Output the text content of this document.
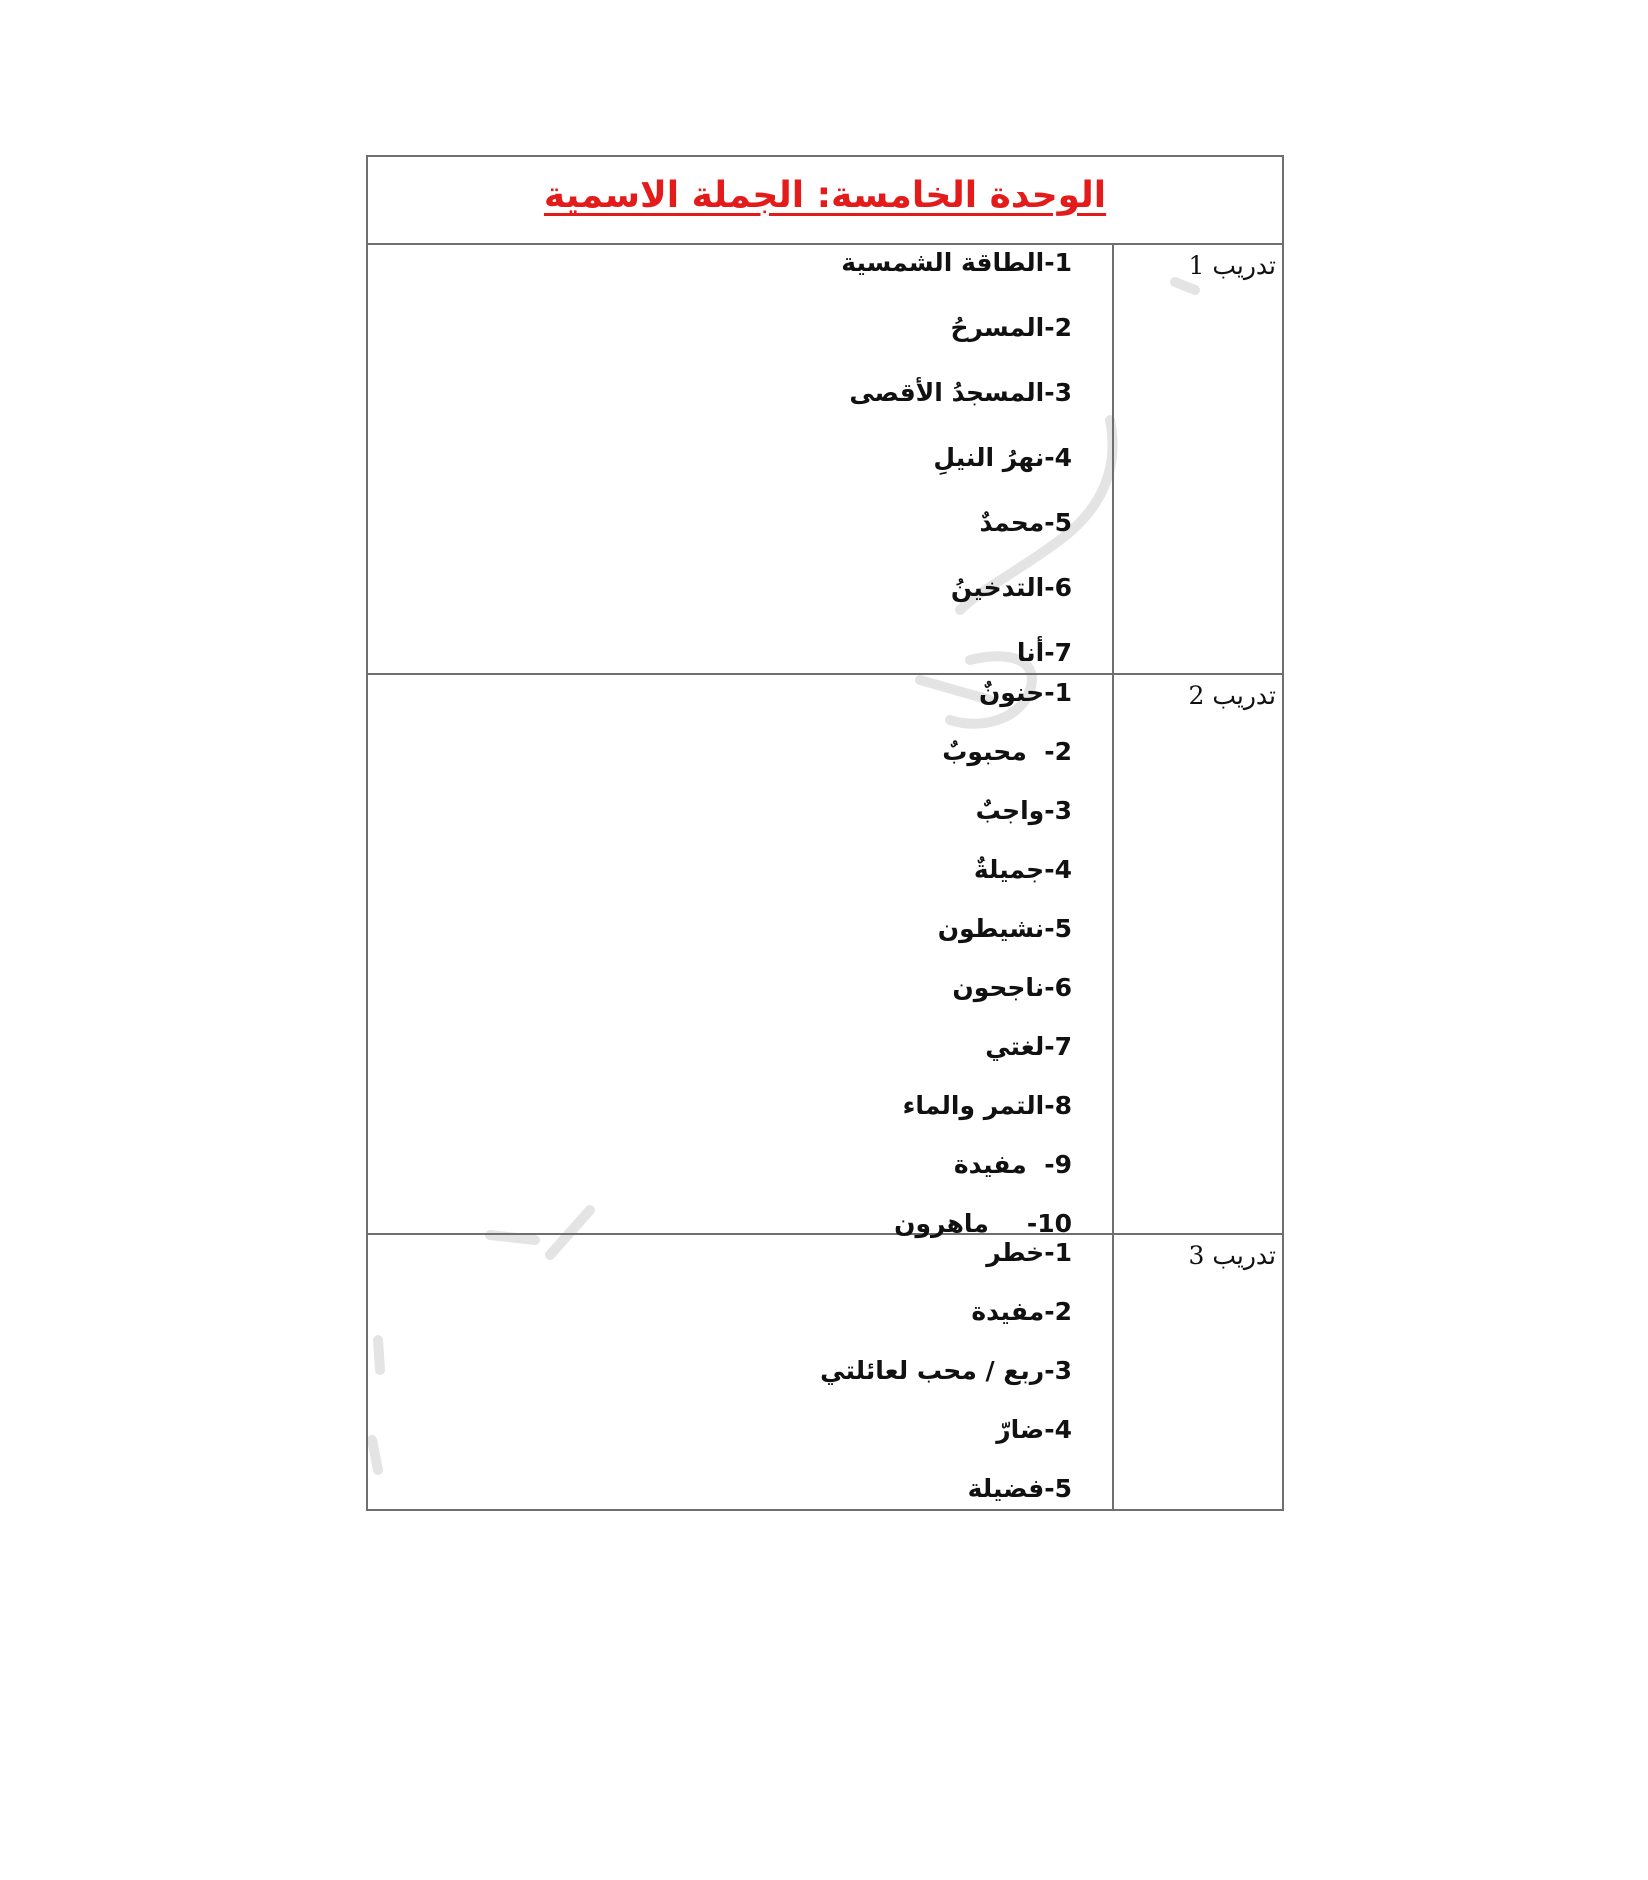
الوحدة الخامسة: الجملة الاسمية
تدريب 1
1-الطاقة الشمسية
2-المسرحُ
3-المسجدُ الأقصى
4-نهرُ النيلِ
5-محمدٌ
6-التدخينُ
7-أنا
تدريب 2
1-حنونٌ
2-  محبوبٌ
3-واجبٌ
4-جميلةٌ
5-نشيطون
6-ناجحون
7-لغتي
8-التمر والماء
9-  مفيدة
10-ماهرون
تدريب 3
1-خطر
2-مفيدة
3-ربع / محب لعائلتي
4-ضارّ
5-فضيلة
